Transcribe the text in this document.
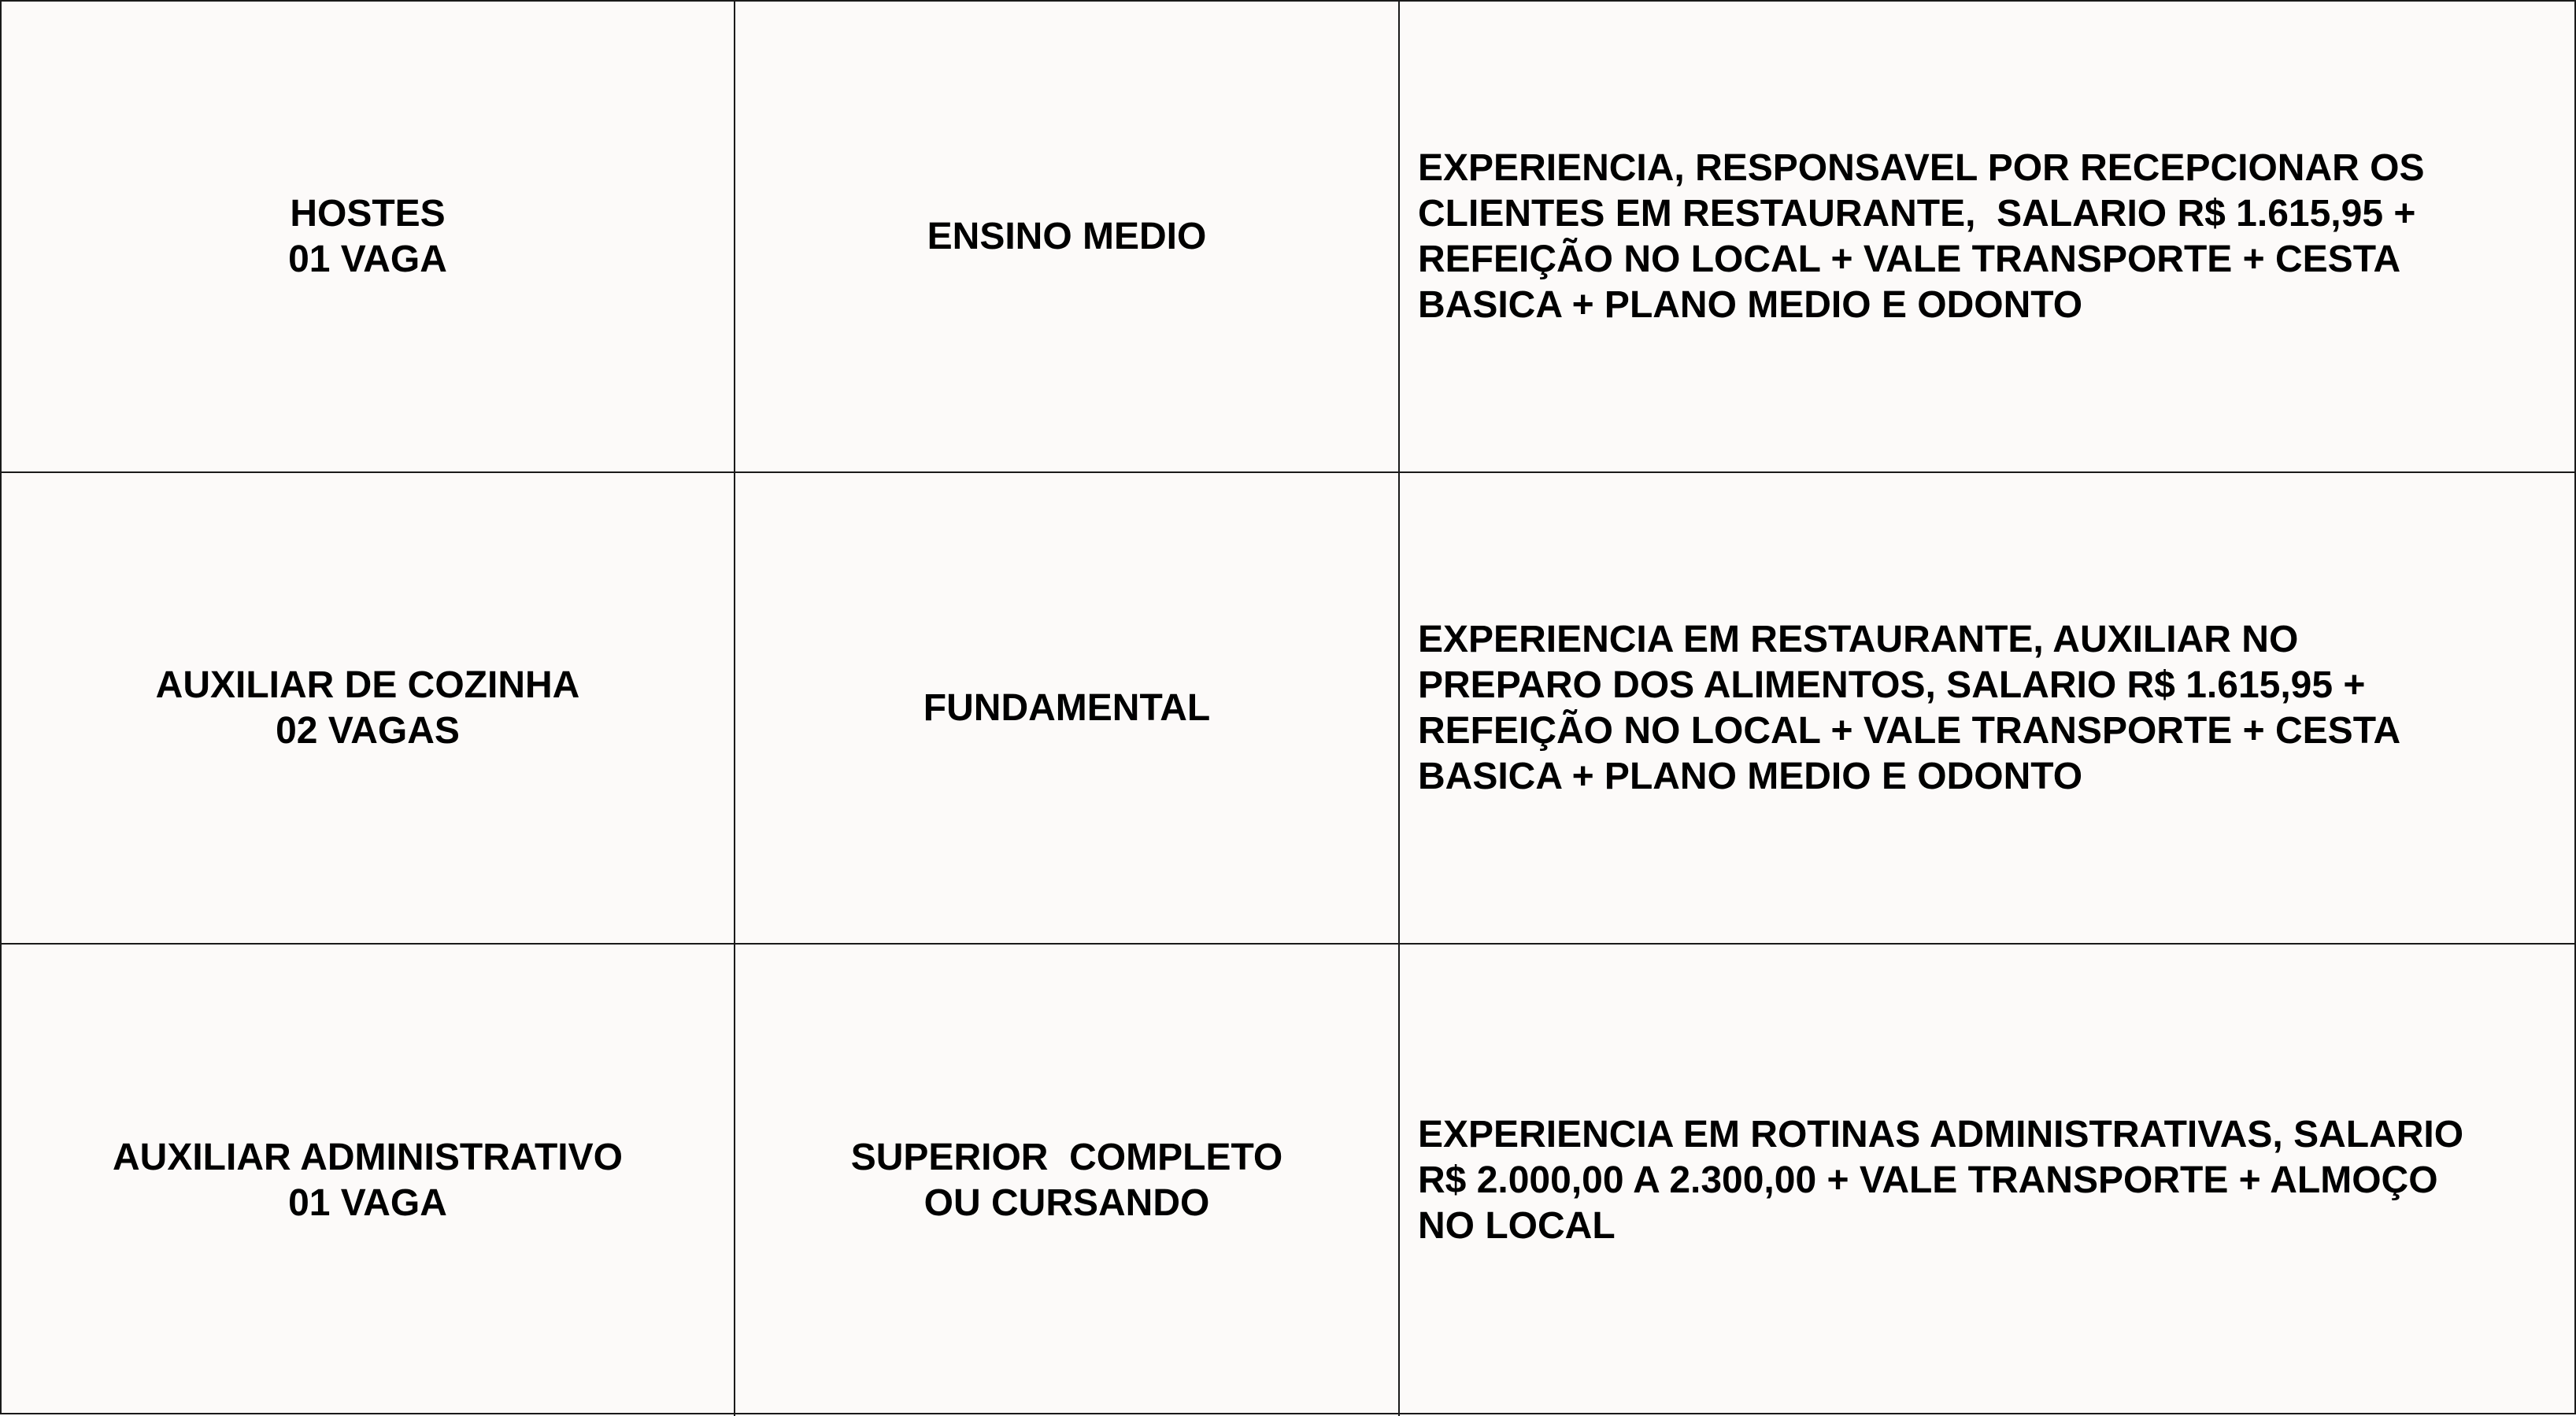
HOSTES
01 VAGA
ENSINO MEDIO
EXPERIENCIA, RESPONSAVEL POR RECEPCIONAR OS
CLIENTES EM RESTAURANTE,  SALARIO R$ 1.615,95 +
REFEIÇÃO NO LOCAL + VALE TRANSPORTE + CESTA
BASICA + PLANO MEDIO E ODONTO
AUXILIAR DE COZINHA
02 VAGAS
FUNDAMENTAL
EXPERIENCIA EM RESTAURANTE, AUXILIAR NO
PREPARO DOS ALIMENTOS, SALARIO R$ 1.615,95 +
REFEIÇÃO NO LOCAL + VALE TRANSPORTE + CESTA
BASICA + PLANO MEDIO E ODONTO
AUXILIAR ADMINISTRATIVO
01 VAGA
SUPERIOR  COMPLETO
OU CURSANDO
EXPERIENCIA EM ROTINAS ADMINISTRATIVAS, SALARIO
R$ 2.000,00 A 2.300,00 + VALE TRANSPORTE + ALMOÇO
NO LOCAL
